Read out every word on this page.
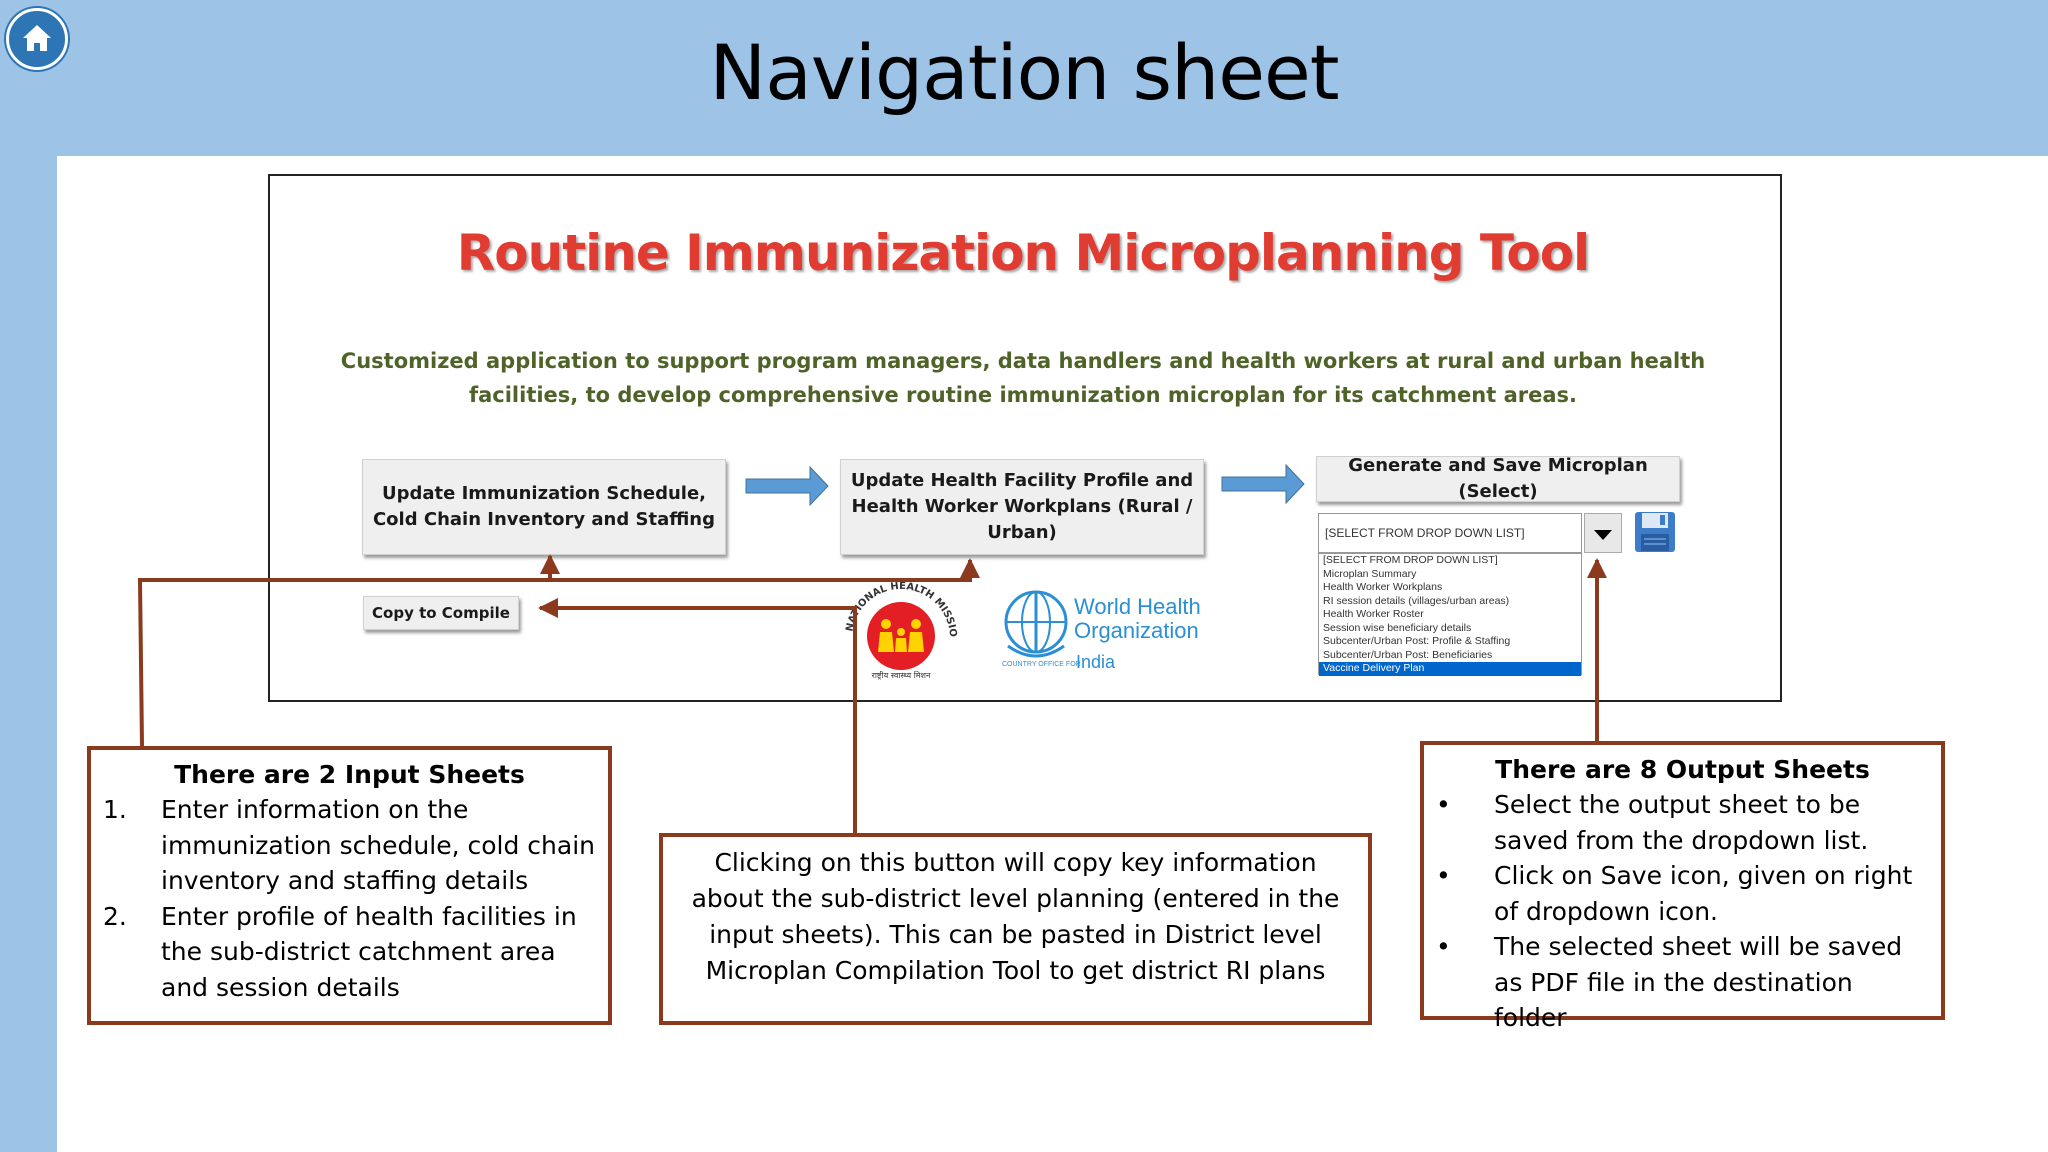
Navigation sheet
Routine Immunization Microplanning Tool
Customized application to support program managers, data handlers and health workers at rural and urban health facilities, to develop comprehensive routine immunization microplan for its catchment areas.
Update Immunization Schedule, Cold Chain Inventory and Staffing
Update Health Facility Profile and Health Worker Workplans (Rural / Urban)
Generate and Save Microplan (Select)
Copy to Compile
[SELECT FROM DROP DOWN LIST]
[SELECT FROM DROP DOWN LIST]
Microplan Summary
Health Worker Workplans
RI session details (villages/urban areas)
Health Worker Roster
Session wise beneficiary details
Subcenter/Urban Post: Profile & Staffing
Subcenter/Urban Post: Beneficiaries
Vaccine Delivery Plan
NATIONAL HEALTH MISSIO
राष्ट्रीय स्वास्थ्य मिशन
World Health
Organization
COUNTRY OFFICE FOR
India
There are 2 Input Sheets
1.	Enter information on the immunization schedule, cold chain inventory and staffing details
2.	Enter profile of health facilities in the sub-district catchment area and session details
Clicking on this button will copy key information about the sub-district level planning (entered in the input sheets). This can be pasted in District level Microplan Compilation Tool to get district RI plans
There are 8 Output Sheets
•	Select the output sheet to be saved from the dropdown list.
•	Click on Save icon, given on right of dropdown icon.
•	The selected sheet will be saved as PDF file in the destination folder
